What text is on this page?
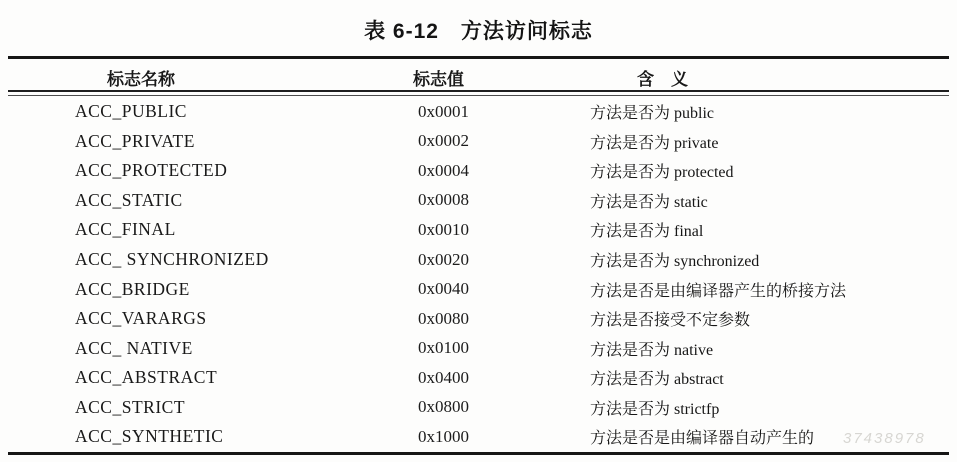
表 6-12　方法访问标志
标志名称	标志值	含　义
ACC_PUBLIC	0x0001	方法是否为 public
ACC_PRIVATE	0x0002	方法是否为 private
ACC_PROTECTED	0x0004	方法是否为 protected
ACC_STATIC	0x0008	方法是否为 static
ACC_FINAL	0x0010	方法是否为 final
ACC_ SYNCHRONIZED	0x0020	方法是否为 synchronized
ACC_BRIDGE	0x0040	方法是否是由编译器产生的桥接方法
ACC_VARARGS	0x0080	方法是否接受不定参数
ACC_ NATIVE	0x0100	方法是否为 native
ACC_ABSTRACT	0x0400	方法是否为 abstract
ACC_STRICT	0x0800	方法是否为 strictfp
ACC_SYNTHETIC	0x1000	方法是否是由编译器自动产生的	37438978
